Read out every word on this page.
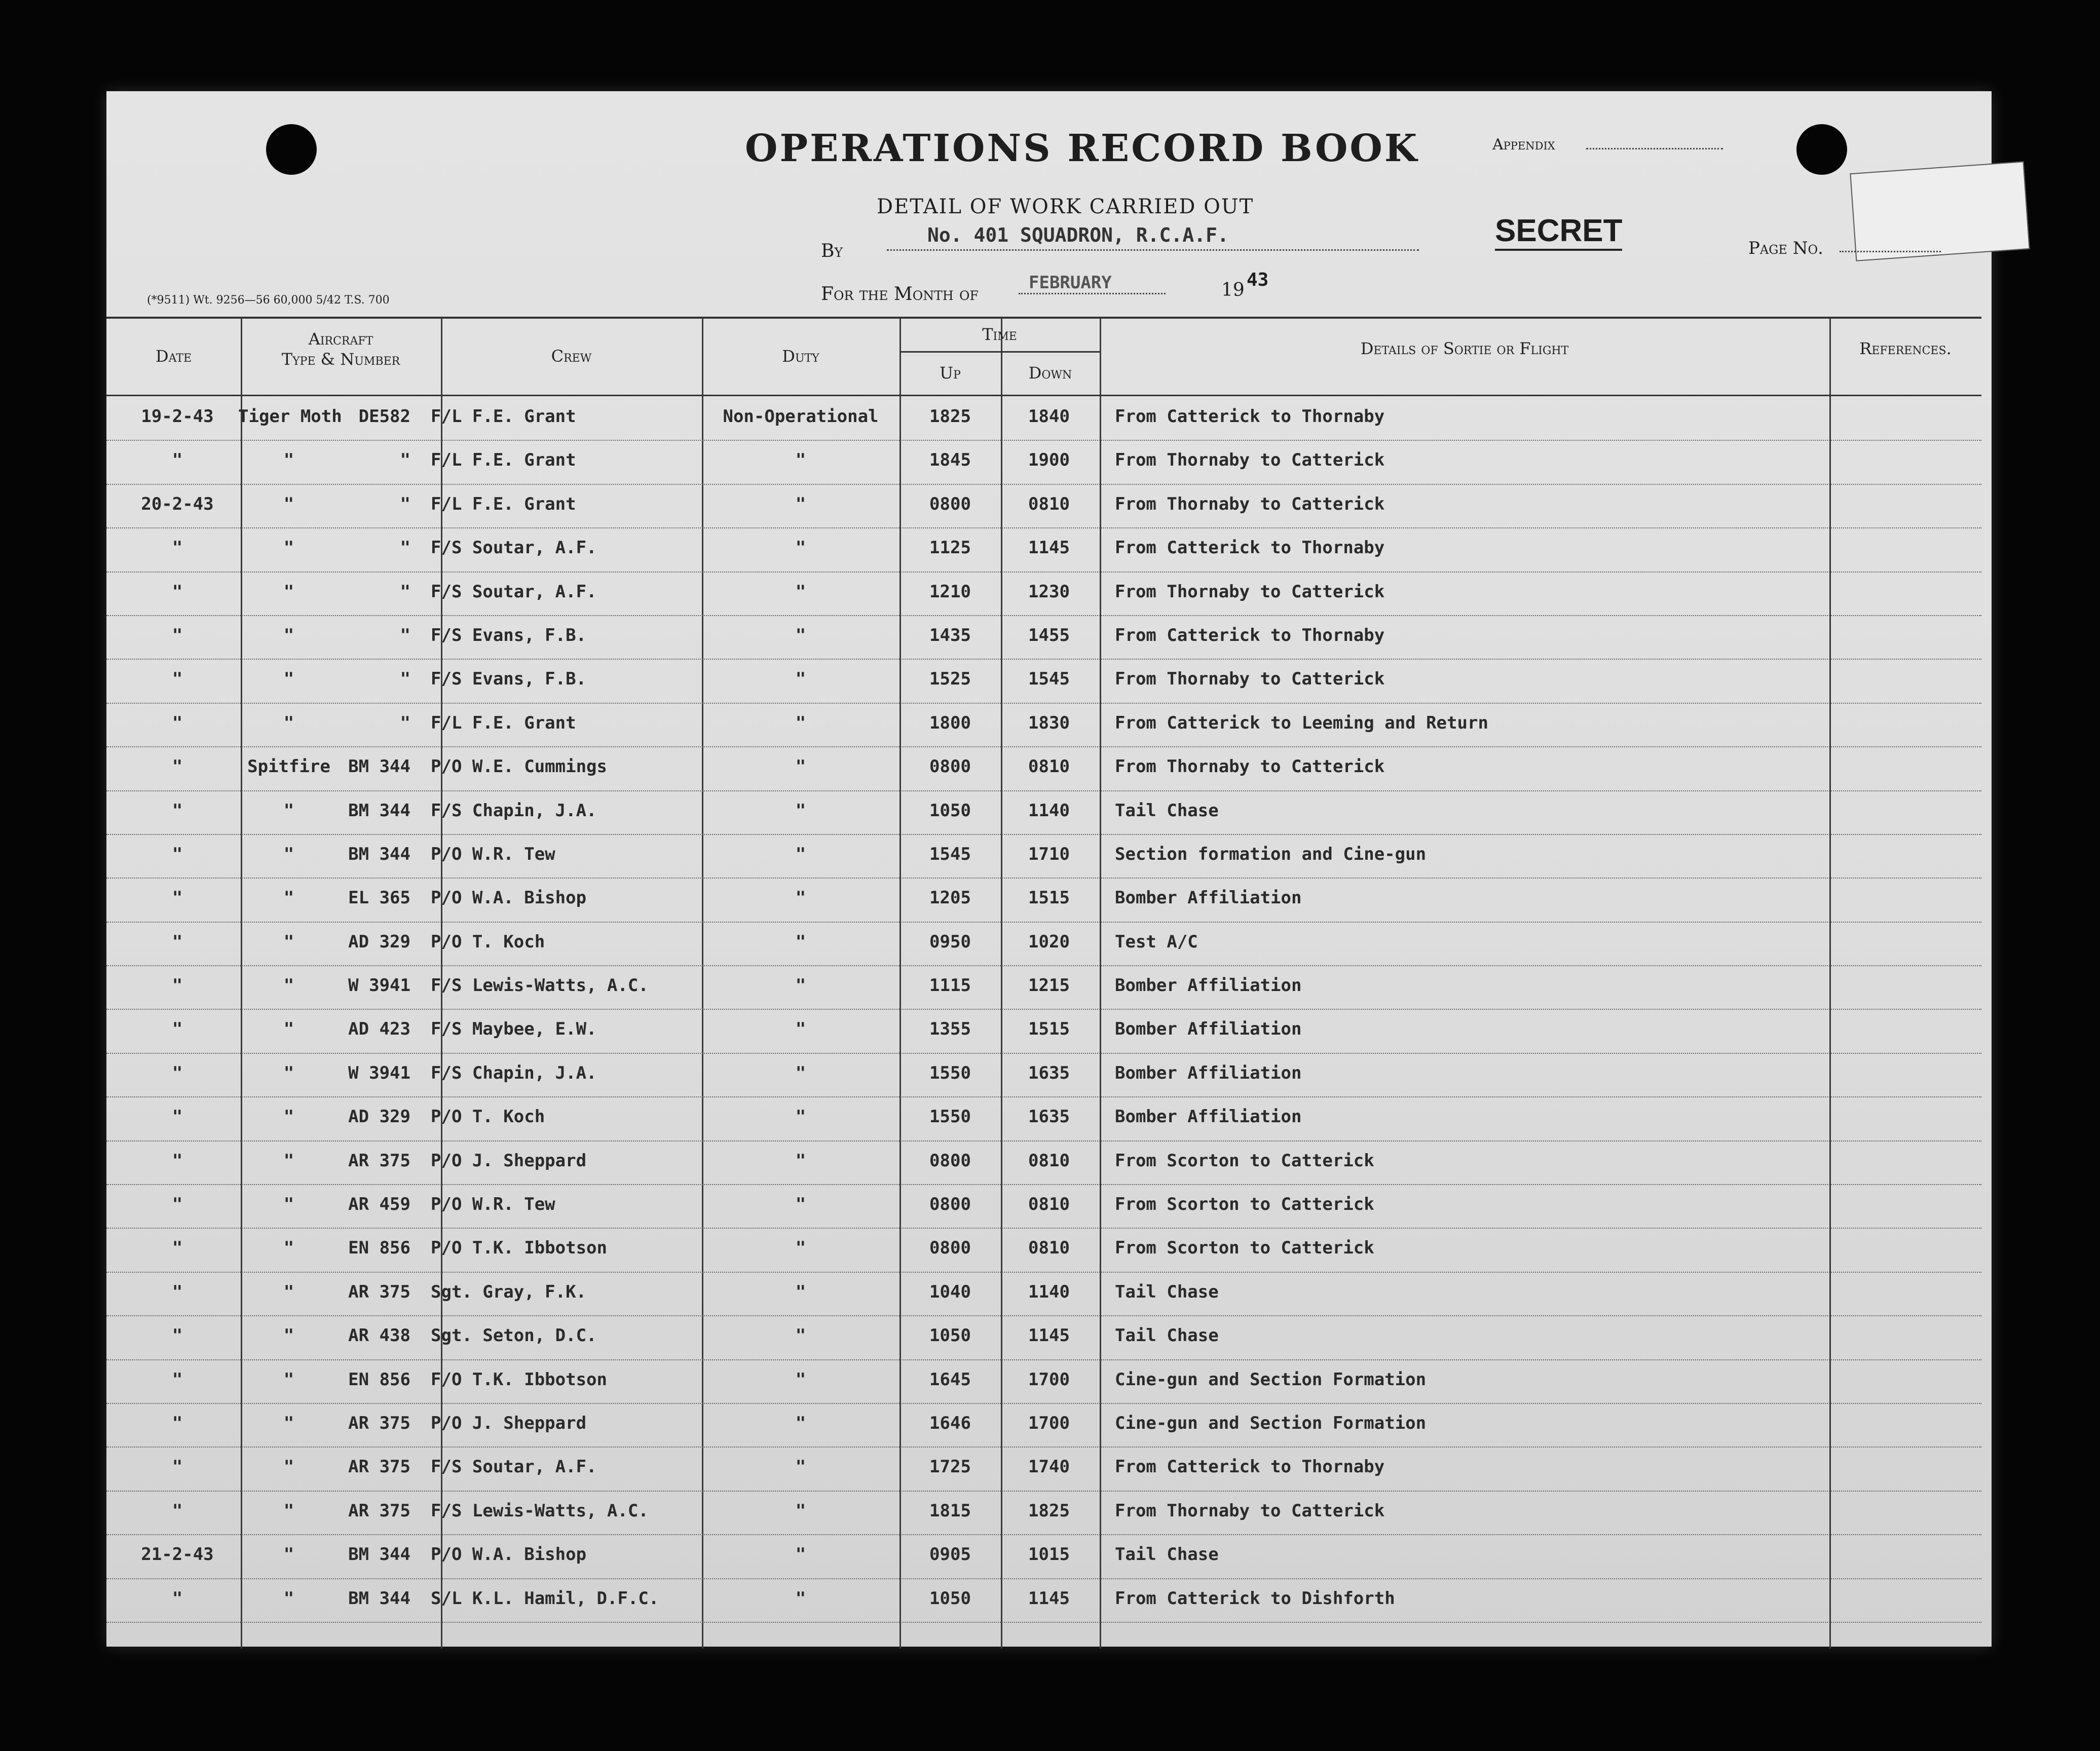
OPERATIONS RECORD BOOK
DETAIL OF WORK CARRIED OUT
By
No. 401 SQUADRON, R.C.A.F.
For the Month of
FEBRUARY	19 43
Appendix
SECRET	Page No.
(*9511) Wt. 9256—56 60,000 5/42 T.S. 700
Date
Aircraft
Type & Number	Crew	Duty
Time
Up	Down
Details of Sortie or Flight	References.
19-2-43	Tiger Moth DE582 F/L F.E. Grant	Non-Operational	1825	1840	From Catterick to Thornaby
"	"	" F/L F.E. Grant	"	1845	1900	From Thornaby to Catterick
20-2-43	"	" F/L F.E. Grant	"	0800	0810	From Thornaby to Catterick
"	"	" F/S Soutar, A.F.	"	1125	1145	From Catterick to Thornaby
"	"	" F/S Soutar, A.F.	"	1210	1230	From Thornaby to Catterick
"	"	" F/S Evans, F.B.	"	1435	1455	From Catterick to Thornaby
"	"	" F/S Evans, F.B.	"	1525	1545	From Thornaby to Catterick
"	"	" F/L F.E. Grant	"	1800	1830	From Catterick to Leeming and Return
"	Spitfire	BM 344 P/O W.E. Cummings	"	0800	0810	From Thornaby to Catterick
"	"	BM 344 F/S Chapin, J.A.	"	1050	1140	Tail Chase
"	"	BM 344 P/O W.R. Tew	"	1545	1710	Section formation and Cine-gun
"	"	EL 365 P/O W.A. Bishop	"	1205	1515	Bomber Affiliation
"	"	AD 329 P/O T. Koch	"	0950	1020	Test A/C
"	"	W 3941 F/S Lewis-Watts, A.C.	"	1115	1215	Bomber Affiliation
"	"	AD 423 F/S Maybee, E.W.	"	1355	1515	Bomber Affiliation
"	"	W 3941 F/S Chapin, J.A.	"	1550	1635	Bomber Affiliation
"	"	AD 329 P/O T. Koch	"	1550	1635	Bomber Affiliation
"	"	AR 375 P/O J. Sheppard	"	0800	0810	From Scorton to Catterick
"	"	AR 459 P/O W.R. Tew	"	0800	0810	From Scorton to Catterick
"	"	EN 856 P/O T.K. Ibbotson	"	0800	0810	From Scorton to Catterick
"	"	AR 375 Sgt. Gray, F.K.	"	1040	1140	Tail Chase
"	"	AR 438 Sgt. Seton, D.C.	"	1050	1145	Tail Chase
"	"	EN 856 F/O T.K. Ibbotson	"	1645	1700	Cine-gun and Section Formation
"	"	AR 375 P/O J. Sheppard	"	1646	1700	Cine-gun and Section Formation
"	"	AR 375 F/S Soutar, A.F.	"	1725	1740	From Catterick to Thornaby
"	"	AR 375 F/S Lewis-Watts, A.C.	"	1815	1825	From Thornaby to Catterick
21-2-43	"	BM 344 P/O W.A. Bishop	"	0905	1015	Tail Chase
"	"	BM 344 S/L K.L. Hamil, D.F.C.	"	1050	1145	From Catterick to Dishforth
